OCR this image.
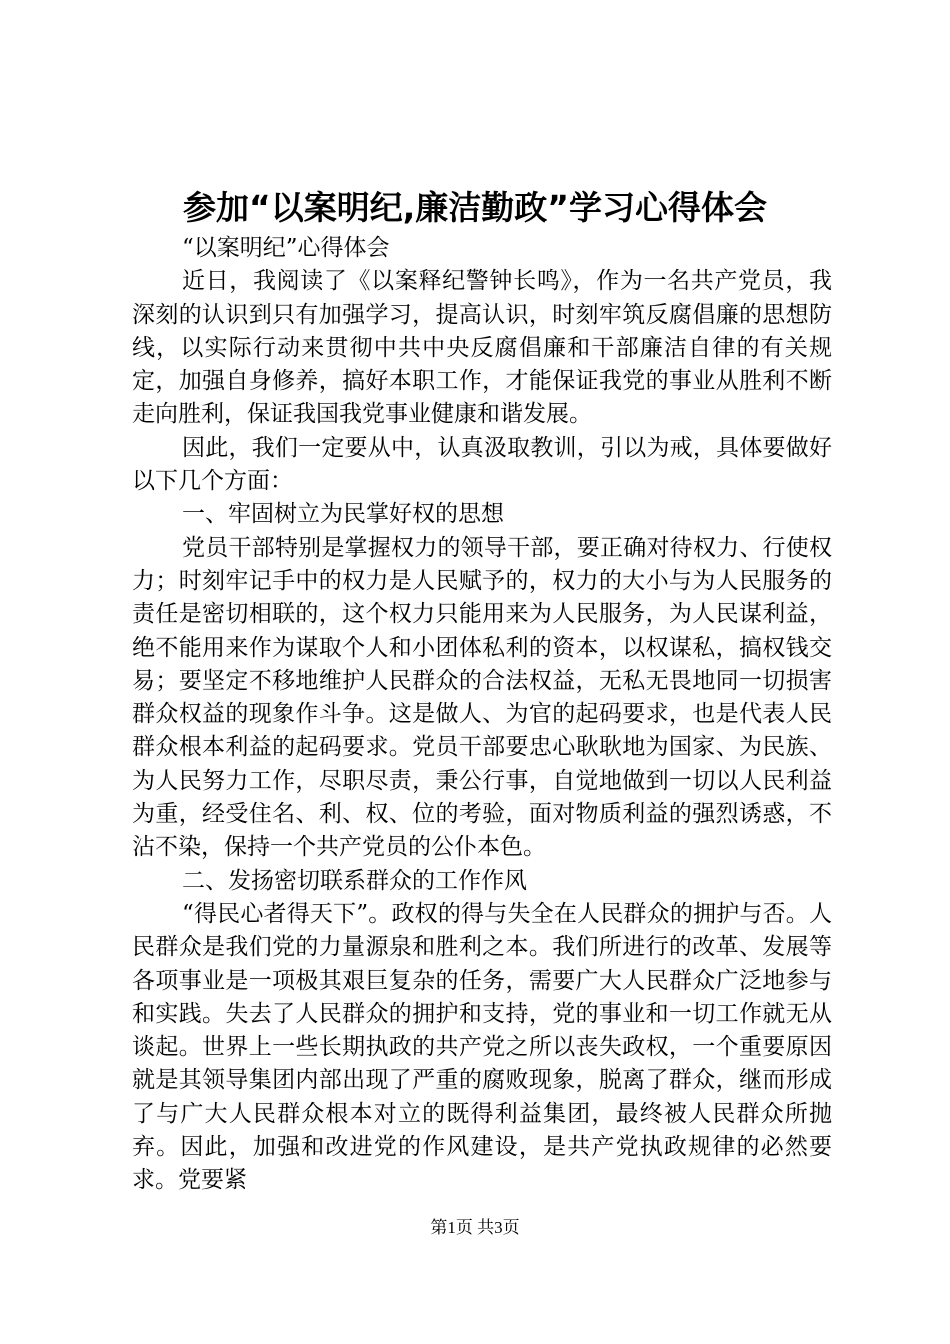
参加“以案明纪,廉洁勤政”学习心得体会

“以案明纪”心得体会

近日，我阅读了《以案释纪警钟长鸣》，作为一名共产党员，我深刻的认识到只有加强学习，提高认识，时刻牢筑反腐倡廉的思想防线，以实际行动来贯彻中共中央反腐倡廉和干部廉洁自律的有关规定，加强自身修养，搞好本职工作，才能保证我党的事业从胜利不断走向胜利，保证我国我党事业健康和谐发展。

因此，我们一定要从中，认真汲取教训，引以为戒，具体要做好以下几个方面：

一、牢固树立为民掌好权的思想

党员干部特别是掌握权力的领导干部，要正确对待权力、行使权力；时刻牢记手中的权力是人民赋予的，权力的大小与为人民服务的责任是密切相联的，这个权力只能用来为人民服务，为人民谋利益，绝不能用来作为谋取个人和小团体私利的资本，以权谋私，搞权钱交易；要坚定不移地维护人民群众的合法权益，无私无畏地同一切损害群众权益的现象作斗争。这是做人、为官的起码要求，也是代表人民群众根本利益的起码要求。党员干部要忠心耿耿地为国家、为民族、为人民努力工作，尽职尽责，秉公行事，自觉地做到一切以人民利益为重，经受住名、利、权、位的考验，面对物质利益的强烈诱惑，不沾不染，保持一个共产党员的公仆本色。

二、发扬密切联系群众的工作作风

“得民心者得天下”。政权的得与失全在人民群众的拥护与否。人民群众是我们党的力量源泉和胜利之本。我们所进行的改革、发展等各项事业是一项极其艰巨复杂的任务，需要广大人民群众广泛地参与和实践。失去了人民群众的拥护和支持，党的事业和一切工作就无从谈起。世界上一些长期执政的共产党之所以丧失政权，一个重要原因就是其领导集团内部出现了严重的腐败现象，脱离了群众，继而形成了与广大人民群众根本对立的既得利益集团，最终被人民群众所抛弃。因此，加强和改进党的作风建设，是共产党执政规律的必然要求。党要紧

第1页 共3页
